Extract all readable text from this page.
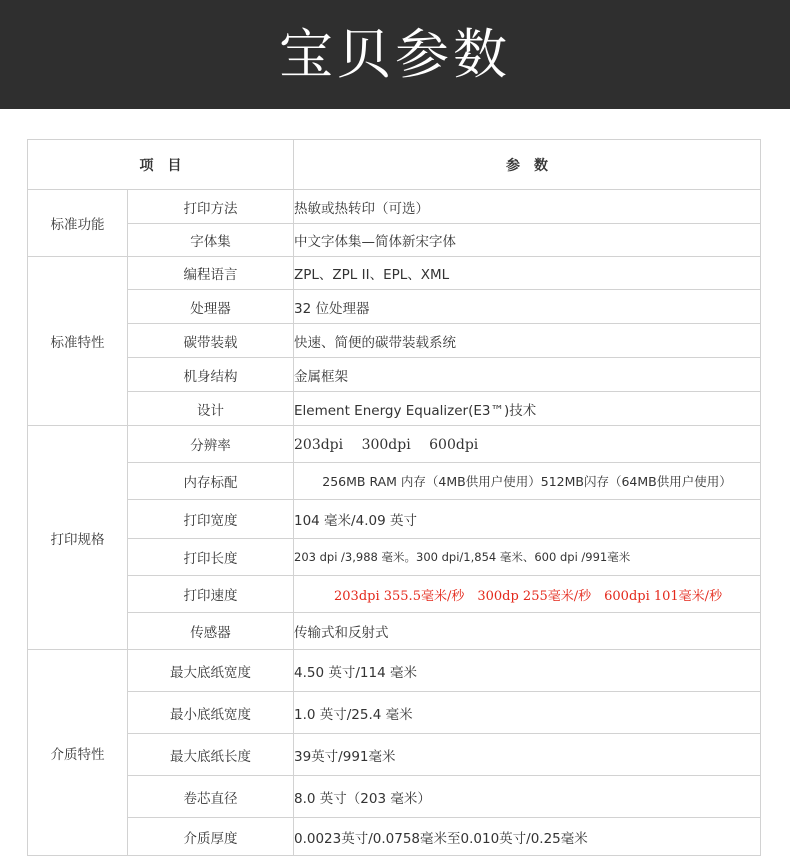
宝贝参数
项　目		参　数
标准功能	打印方法	热敏或热转印（可选）
	字体集	中文字体集—简体新宋字体
标准特性	编程语言	ZPL、ZPL II、EPL、XML
	处理器	32 位处理器
	碳带装载	快速、简便的碳带装载系统
	机身结构	金属框架
	设计	Element Energy Equalizer(E3™)技术
打印规格	分辨率	203dpi　 300dpi　 600dpi
	内存标配	256MB RAM 内存（4MB供用户使用）512MB闪存（64MB供用户使用）
	打印宽度	104 毫米/4.09 英寸
	打印长度	203 dpi /3,988 毫米。300 dpi/1,854 毫米、600 dpi /991毫米
	打印速度	203dpi 355.5毫米/秒　300dp 255毫米/秒　600dpi 101毫米/秒
	传感器	传输式和反射式
介质特性	最大底纸宽度	4.50 英寸/114 毫米
	最小底纸宽度	1.0 英寸/25.4 毫米
	最大底纸长度	39英寸/991毫米
	卷芯直径	8.0 英寸（203 毫米）
	介质厚度	0.0023英寸/0.0758毫米至0.010英寸/0.25毫米
